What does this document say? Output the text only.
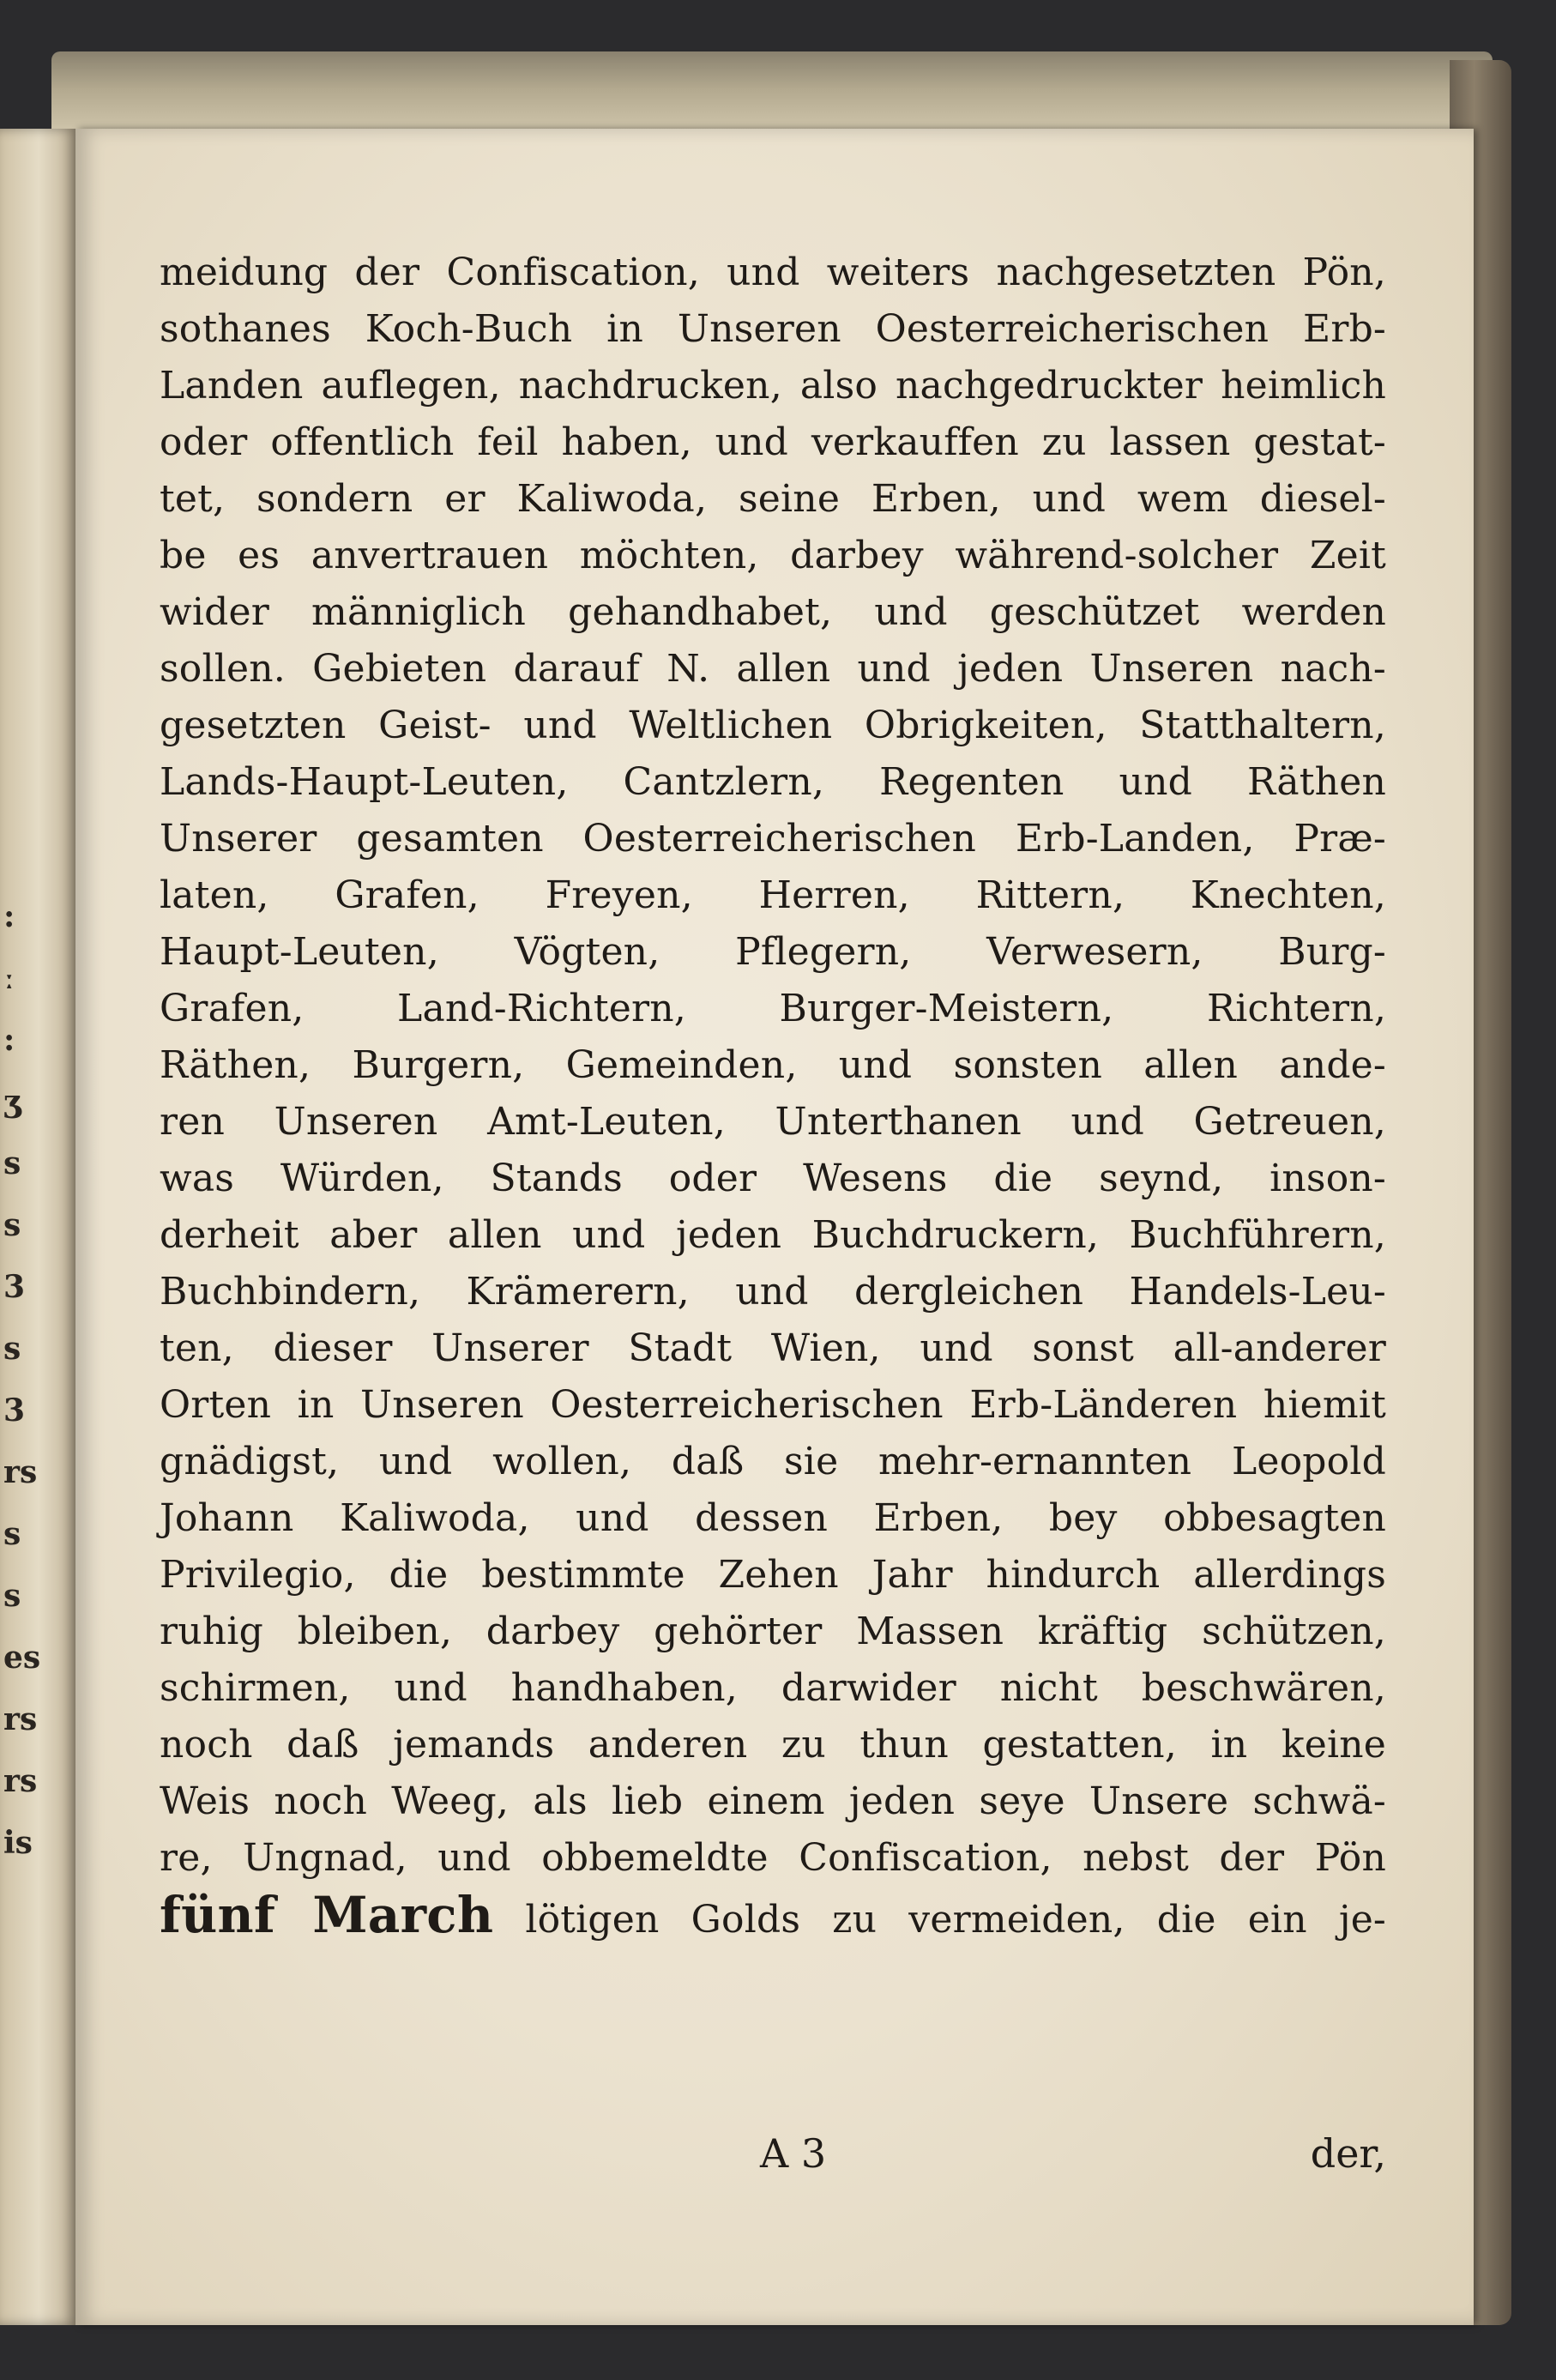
:
ː
:
ʒ
s
s
3
s
3
rs
s
s
es
rs
rs
is
meidung der Confiscation, und weiters nachgesetzten Pön,
sothanes Koch-Buch in Unseren Oesterreicherischen Erb-
Landen auflegen, nachdrucken, also nachgedruckter heimlich
oder offentlich feil haben, und verkauffen zu lassen gestat-
tet, sondern er Kaliwoda, seine Erben, und wem diesel-
be es anvertrauen möchten, darbey während-solcher Zeit
wider männiglich gehandhabet, und geschützet werden
sollen. Gebieten darauf N. allen und jeden Unseren nach-
gesetzten Geist- und Weltlichen Obrigkeiten, Statthaltern,
Lands-Haupt-Leuten, Cantzlern, Regenten und Räthen
Unserer gesamten Oesterreicherischen Erb-Landen, Præ-
laten, Grafen, Freyen, Herren, Rittern, Knechten,
Haupt-Leuten, Vögten, Pflegern, Verwesern, Burg-
Grafen, Land-Richtern, Burger-Meistern, Richtern,
Räthen, Burgern, Gemeinden, und sonsten allen ande-
ren Unseren Amt-Leuten, Unterthanen und Getreuen,
was Würden, Stands oder Wesens die seynd, inson-
derheit aber allen und jeden Buchdruckern, Buchführern,
Buchbindern, Krämerern, und dergleichen Handels-Leu-
ten, dieser Unserer Stadt Wien, und sonst all-anderer
Orten in Unseren Oesterreicherischen Erb-Länderen hiemit
gnädigst, und wollen, daß sie mehr-ernannten Leopold
Johann Kaliwoda, und dessen Erben, bey obbesagten
Privilegio, die bestimmte Zehen Jahr hindurch allerdings
ruhig bleiben, darbey gehörter Massen kräftig schützen,
schirmen, und handhaben, darwider nicht beschwären,
noch daß jemands anderen zu thun gestatten, in keine
Weis noch Weeg, als lieb einem jeden seye Unsere schwä-
re, Ungnad, und obbemeldte Confiscation, nebst der Pön
fünf March lötigen Golds zu vermeiden, die ein je-
A 3	der,
